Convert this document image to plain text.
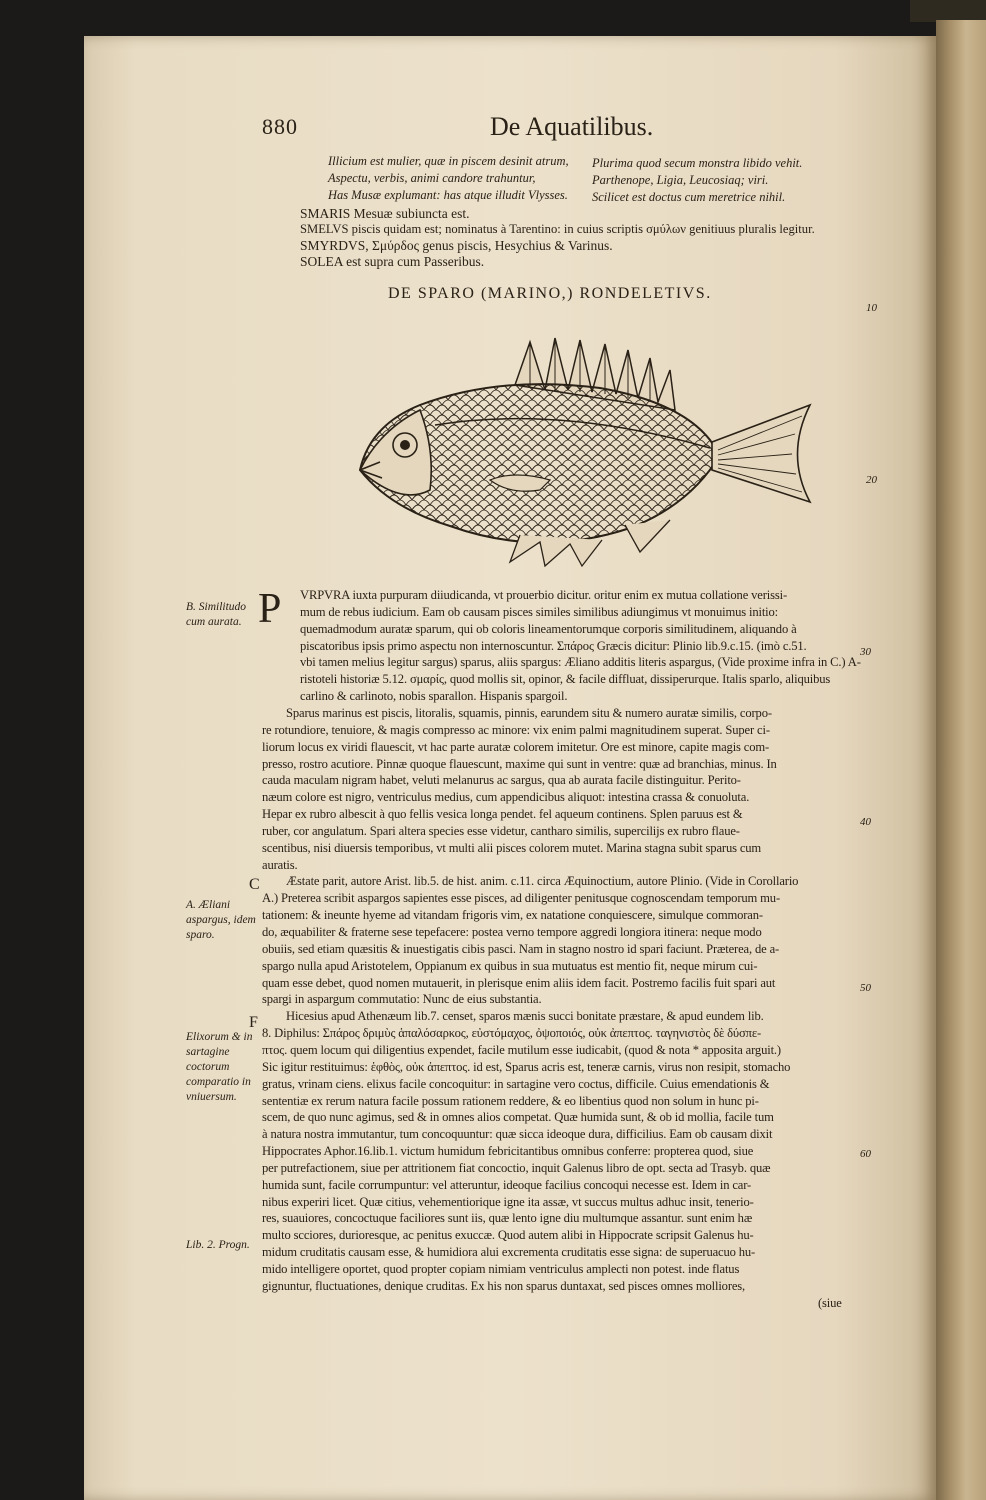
880	De Aquatilibus.
Illicium est mulier, quæ in piscem desinit atrum,
Aspectu, verbis, animi candore trahuntur,
Has Musæ explumant: has atque illudit Vlysses.
Plurima quod secum monstra libido vehit.
Parthenope, Ligia, Leucosiaq; viri.
Scilicet est doctus cum meretrice nihil.
SMARIS Mesuæ subiuncta est.
SMELVS piscis quidam est; nominatus à Tarentino: in cuius scriptis σμύλων genitiuus pluralis legitur.
SMYRDVS, Σμύρδος genus piscis, Hesychius & Varinus.
SOLEA est supra cum Passeribus.
DE SPARO (MARINO,) RONDELETIVS.
P VRPVRA iuxta purpuram diiudicanda, vt prouerbio dicitur. oritur enim ex mutua collatione verissi-
mum de rebus iudicium. Eam ob causam pisces similes similibus adiungimus vt monuimus initio:
quemadmodum auratæ sparum, qui ob coloris lineamentorumque corporis similitudinem, aliquando à
piscatoribus ipsis primo aspectu non internoscuntur. Σπάρος Græcis dicitur: Plinio lib.9.c.15. (imò c.51.
vbi tamen melius legitur sargus) sparus, aliis spargus: Æliano additis literis aspargus, (Vide proxime infra in C.) A-
ristoteli historiæ 5.12. σμαρίς, quod mollis sit, opinor, & facile diffluat, dissiperurque. Italis sparlo, aliquibus
carlino & carlinoto, nobis sparallon. Hispanis spargoil.
Sparus marinus est piscis, litoralis, squamis, pinnis, earundem situ & numero auratæ similis, corpo-
re rotundiore, tenuiore, & magis compresso ac minore: vix enim palmi magnitudinem superat. Super ci-
liorum locus ex viridi flauescit, vt hac parte auratæ colorem imitetur. Ore est minore, capite magis com-
presso, rostro acutiore. Pinnæ quoque flauescunt, maxime qui sunt in ventre: quæ ad branchias, minus. In
cauda maculam nigram habet, veluti melanurus ac sargus, qua ab aurata facile distinguitur. Perito-
næum colore est nigro, ventriculus medius, cum appendicibus aliquot: intestina crassa & conuoluta.
Hepar ex rubro albescit à quo fellis vesica longa pendet. fel aqueum continens. Splen paruus est &
ruber, cor angulatum. Spari altera species esse videtur, cantharo similis, supercilijs ex rubro flaue-
scentibus, nisi diuersis temporibus, vt multi alii pisces colorem mutet. Marina stagna subit sparus cum
auratis.
Æstate parit, autore Arist. lib.5. de hist. anim. c.11. circa Æquinoctium, autore Plinio. (Vide in Corollario
A.) Preterea scribit aspargos sapientes esse pisces, ad diligenter penitusque cognoscendam temporum mu-
tationem: & ineunte hyeme ad vitandam frigoris vim, ex natatione conquiescere, simulque commoran-
do, æquabiliter & fraterne sese tepefacere: postea verno tempore aggredi longiora itinera: neque modo
obuiis, sed etiam quæsitis & inuestigatis cibis pasci. Nam in stagno nostro id spari faciunt. Præterea, de a-
spargo nulla apud Aristotelem, Oppianum ex quibus in sua mutuatus est mentio fit, neque mirum cui-
quam esse debet, quod nomen mutauerit, in plerisque enim aliis idem facit. Postremo facilis fuit spari aut
spargi in aspargum commutatio: Nunc de eius substantia.
Hicesius apud Athenæum lib.7. censet, sparos mænis succi bonitate præstare, & apud eundem lib.
8. Diphilus: Σπάρος δριμὺς ἁπαλόσαρκος, εὐστόμαχος, ὀψοποιός, οὐκ ἀπεπτος. ταγηνιστὸς δὲ δύσπε-
πτος. quem locum qui diligentius expendet, facile mutilum esse iudicabit, (quod & nota * apposita arguit.)
Sic igitur restituimus: ἑφθὸς, οὐκ ἀπεπτος. id est, Sparus acris est, teneræ carnis, virus non resipit, stomacho
gratus, vrinam ciens. elixus facile concoquitur: in sartagine vero coctus, difficile. Cuius emendationis &
sententiæ ex rerum natura facile possum rationem reddere, & eo libentius quod non solum in hunc pi-
scem, de quo nunc agimus, sed & in omnes alios competat. Quæ humida sunt, & ob id mollia, facile tum
à natura nostra immutantur, tum concoquuntur: quæ sicca ideoque dura, difficilius. Eam ob causam dixit
Hippocrates Aphor.16.lib.1. victum humidum febricitantibus omnibus conferre: propterea quod, siue
per putrefactionem, siue per attritionem fiat concoctio, inquit Galenus libro de opt. secta ad Trasyb. quæ
humida sunt, facile corrumpuntur: vel atteruntur, ideoque facilius concoqui necesse est. Idem in car-
nibus experiri licet. Quæ citius, vehementiorique igne ita assæ, vt succus multus adhuc insit, tenerio-
res, suauiores, concoctuque faciliores sunt iis, quæ lento igne diu multumque assantur. sunt enim hæ
multo scciores, durioresque, ac penitus exuccæ. Quod autem alibi in Hippocrate scripsit Galenus hu-
midum cruditatis causam esse, & humidiora alui excrementa cruditatis esse signa: de superuacuo hu-
mido intelligere oportet, quod propter copiam nimiam ventriculus amplecti non potest. inde flatus
gignuntur, fluctuationes, denique cruditas. Ex his non sparus duntaxat, sed pisces omnes molliores,
(siue
B. Similitudo cum aurata.
A. Æliani aspargus, idem sparo.
Elixorum & in sartagine coctorum comparatio in vniuersum.
Lib. 2. Progn.
C
F
10
20
30
40
50
60
